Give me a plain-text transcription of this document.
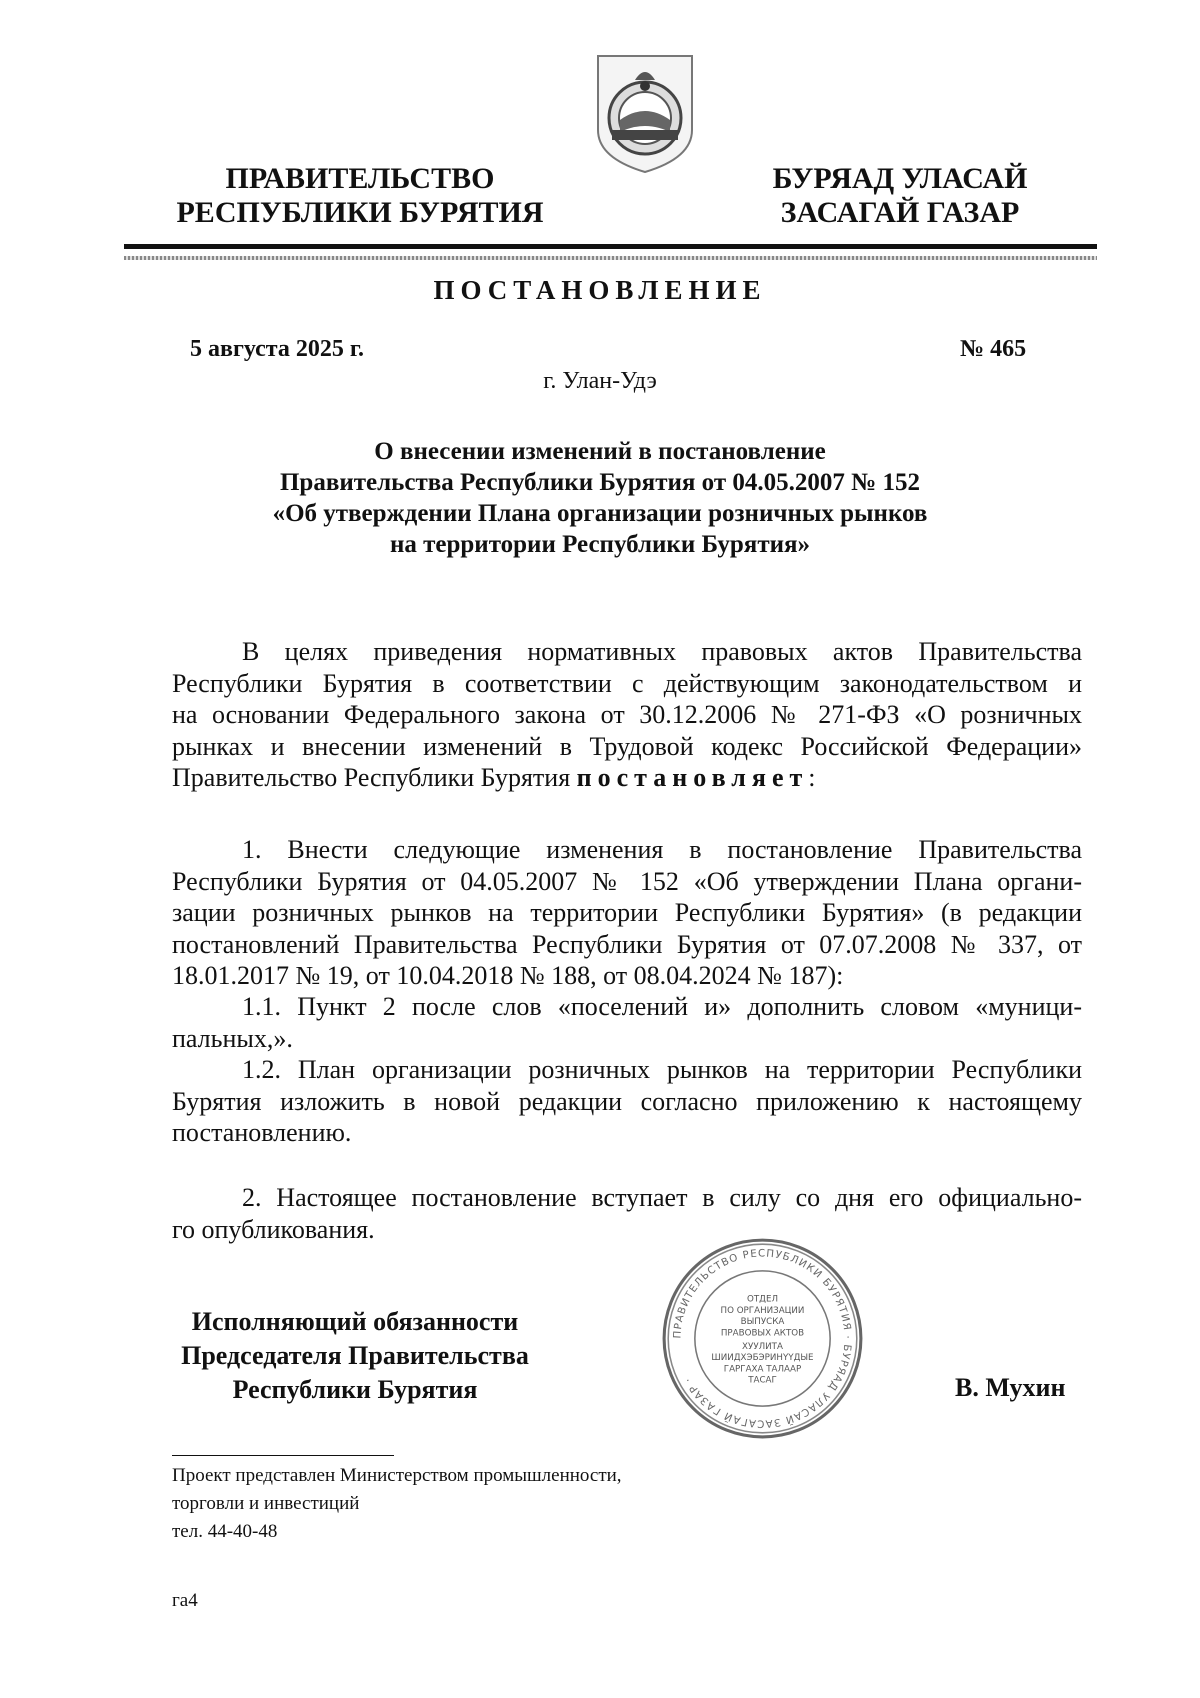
ПРАВИТЕЛЬСТВО
РЕСПУБЛИКИ БУРЯТИЯ
БУРЯАД УЛАСАЙ
ЗАСАГАЙ ГАЗАР
ПОСТАНОВЛЕНИЕ
5 августа 2025 г.	№ 465
г. Улан-Удэ
О внесении изменений в постановление
Правительства Республики Бурятия от 04.05.2007 № 152
«Об утверждении Плана организации розничных рынков
на территории Республики Бурятия»
В целях приведения нормативных правовых актов Правительства
Республики Бурятия в соответствии с действующим законодательством и
на основании Федерального закона от 30.12.2006 № 271-ФЗ «О розничных
рынках и внесении изменений в Трудовой кодекс Российской Федерации»
Правительство Республики Бурятия постановляет:
1. Внести следующие изменения в постановление Правительства
Республики Бурятия от 04.05.2007 № 152 «Об утверждении Плана органи-
зации розничных рынков на территории Республики Бурятия» (в редакции
постановлений Правительства Республики Бурятия от 07.07.2008 № 337, от
18.01.2017 № 19, от 10.04.2018 № 188, от 08.04.2024 № 187):
1.1. Пункт 2 после слов «поселений и» дополнить словом «муници-
пальных,».
1.2. План организации розничных рынков на территории Республики
Бурятия изложить в новой редакции согласно приложению к настоящему
постановлению.
2. Настоящее постановление вступает в силу со дня его официально-
го опубликования.
ПРАВИТЕЛЬСТВО РЕСПУБЛИКИ БУРЯТИЯ · БУРЯАД УЛАСАЙ ЗАСАГАЙ ГАЗАР ·
ОТДЕЛ
ПО ОРГАНИЗАЦИИ
ВЫПУСКА
ПРАВОВЫХ АКТОВ
ХУУЛИТА
ШИИДХЭБЭРИНҮҮДЫЕ
ГАРГАХА ТАЛААР
ТАСАГ
Исполняющий обязанности
Председателя Правительства
Республики Бурятия	В. Мухин
Проект представлен Министерством промышленности,
торговли и инвестиций
тел. 44-40-48
га4
